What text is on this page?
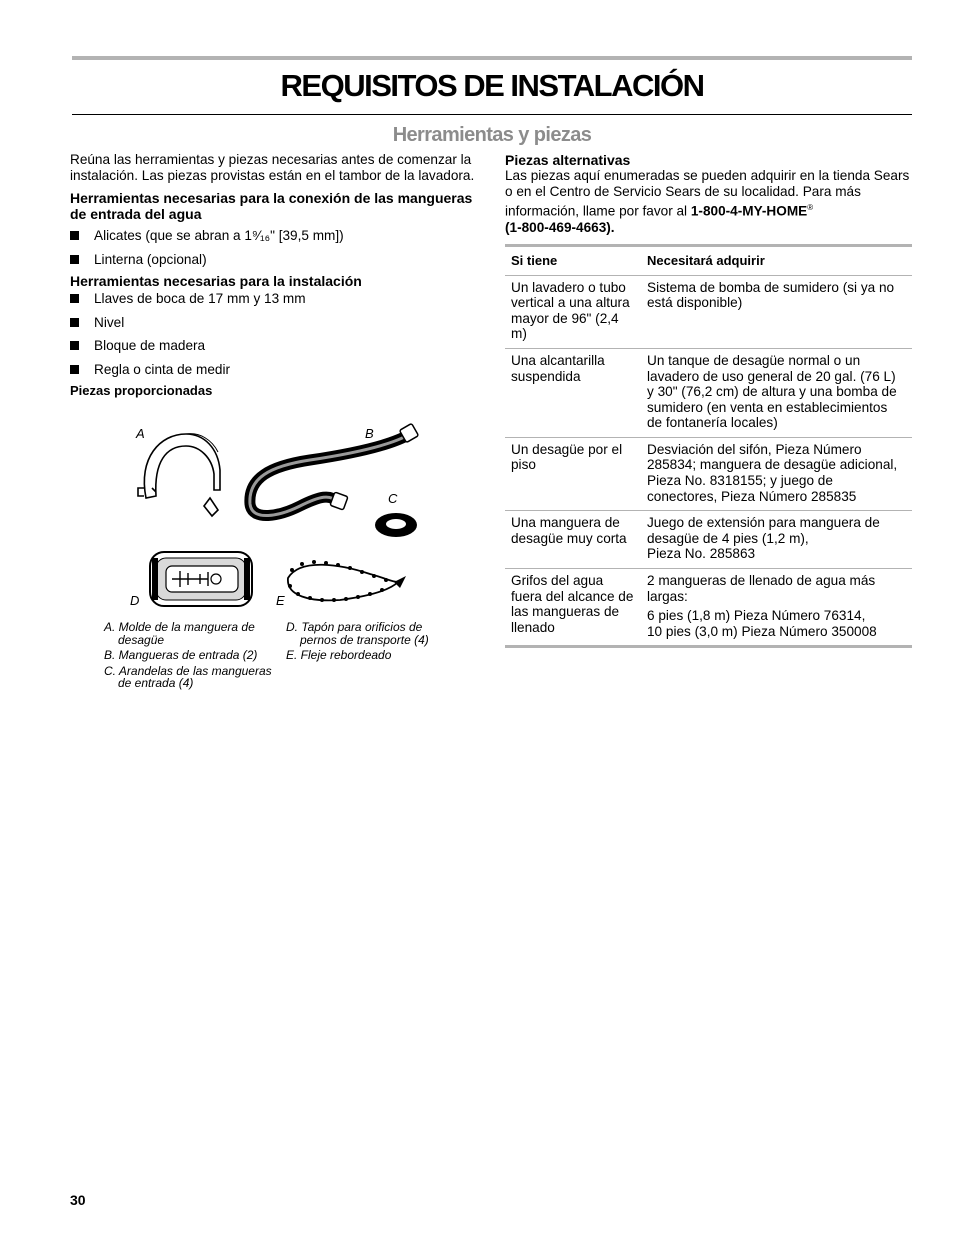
REQUISITOS DE INSTALACIÓN
Herramientas y piezas
Reúna las herramientas y piezas necesarias antes de comenzar la instalación. Las piezas provistas están en el tambor de la lavadora.
Herramientas necesarias para la conexión de las mangueras de entrada del agua
Alicates (que se abran a 1⁹⁄₁₆" [39,5 mm])
Linterna (opcional)
Herramientas necesarias para la instalación
Llaves de boca de 17 mm y 13 mm
Nivel
Bloque de madera
Regla o cinta de medir
Piezas proporcionadas
A	B
C
D	E
A. Molde de la manguera de desagüe
B. Mangueras de entrada (2)
C. Arandelas de las mangueras de entrada (4)
D. Tapón para orificios de pernos de transporte (4)
E. Fleje rebordeado
Piezas alternativas
Las piezas aquí enumeradas se pueden adquirir en la tienda Sears o en el Centro de Servicio Sears de su localidad. Para más información, llame por favor al 1-800-4-MY-HOME®
(1-800-469-4663).
Si tiene	Necesitará adquirir
Un lavadero o tubo vertical a una altura mayor de 96" (2,4 m)	Sistema de bomba de sumidero (si ya no está disponible)
Una alcantarilla suspendida	Un tanque de desagüe normal o un lavadero de uso general de 20 gal. (76 L) y 30" (76,2 cm) de altura y una bomba de sumidero (en venta en establecimientos de fontanería locales)
Un desagüe por el piso	Desviación del sifón, Pieza Número 285834; manguera de desagüe adicional, Pieza No. 8318155; y juego de conectores, Pieza Número 285835
Una manguera de desagüe muy corta	Juego de extensión para manguera de desagüe de 4 pies (1,2 m),
Pieza No. 285863

Grifos del agua fuera del alcance de las mangueras de llenado	2 mangueras de llenado de agua más largas:
6 pies (1,8 m) Pieza Número 76314,
10 pies (3,0 m) Pieza Número 350008
30
